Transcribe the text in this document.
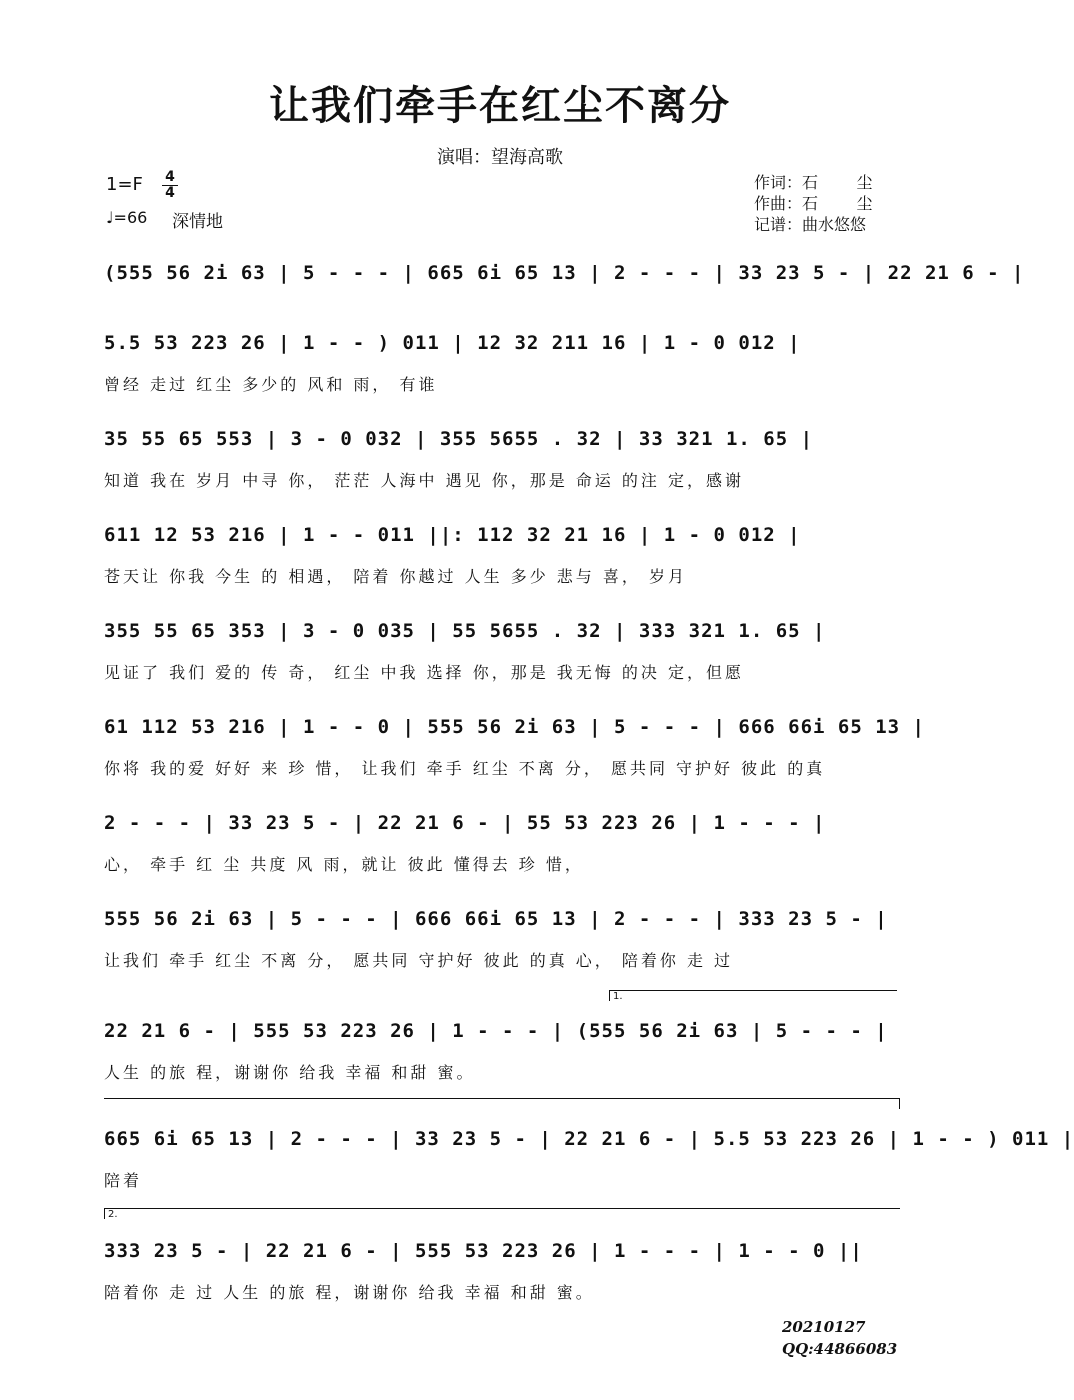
让我们牵手在红尘不离分
演唱：望海高歌
1=F 4
4
♩=66 深情地
作词：石    尘
作曲：石    尘
记谱：曲水悠悠
(555 56 2i 63 | 5 - - - | 665 6i 65 13 | 2 - - - | 33 23 5 - | 22 21 6 - |
5.5 53 223 26 | 1 - - ) 011 | 12 32 211 16 | 1 - 0 012 |
曾经 走过 红尘 多少的 风和 雨， 有谁
35 55 65 553 | 3 - 0 032 | 355 5655 . 32 | 33 321 1. 65 |
知道 我在 岁月 中寻 你， 茫茫 人海中 遇见 你，那是 命运 的注 定，感谢
611 12 53 216 | 1 - - 011 ||: 112 32 21 16 | 1 - 0 012 |
苍天让 你我 今生 的 相遇， 陪着 你越过 人生 多少 悲与 喜， 岁月
355 55 65 353 | 3 - 0 035 | 55 5655 . 32 | 333 321 1. 65 |
见证了 我们 爱的 传 奇， 红尘 中我 选择 你，那是 我无悔 的决 定，但愿
61 112 53 216 | 1 - - 0 | 555 56 2i 63 | 5 - - - | 666 66i 65 13 |
你将 我的爱 好好 来 珍 惜， 让我们 牵手 红尘 不离 分， 愿共同 守护好 彼此 的真
2 - - - | 33 23 5 - | 22 21 6 - | 55 53 223 26 | 1 - - - |
心， 牵手 红 尘 共度 风 雨，就让 彼此 懂得去 珍 惜，
555 56 2i 63 | 5 - - - | 666 66i 65 13 | 2 - - - | 333 23 5 - |
让我们 牵手 红尘 不离 分， 愿共同 守护好 彼此 的真 心， 陪着你 走 过
1.
22 21 6 - | 555 53 223 26 | 1 - - - | (555 56 2i 63 | 5 - - - |
人生 的旅 程，谢谢你 给我 幸福 和甜 蜜。
665 6i 65 13 | 2 - - - | 33 23 5 - | 22 21 6 - | 5.5 53 223 26 | 1 - - ) 011 |
陪着
2.
333 23 5 - | 22 21 6 - | 555 53 223 26 | 1 - - - | 1 - - 0 ||
陪着你 走 过 人生 的旅 程，谢谢你 给我 幸福 和甜 蜜。
20210127
QQ:44866083
